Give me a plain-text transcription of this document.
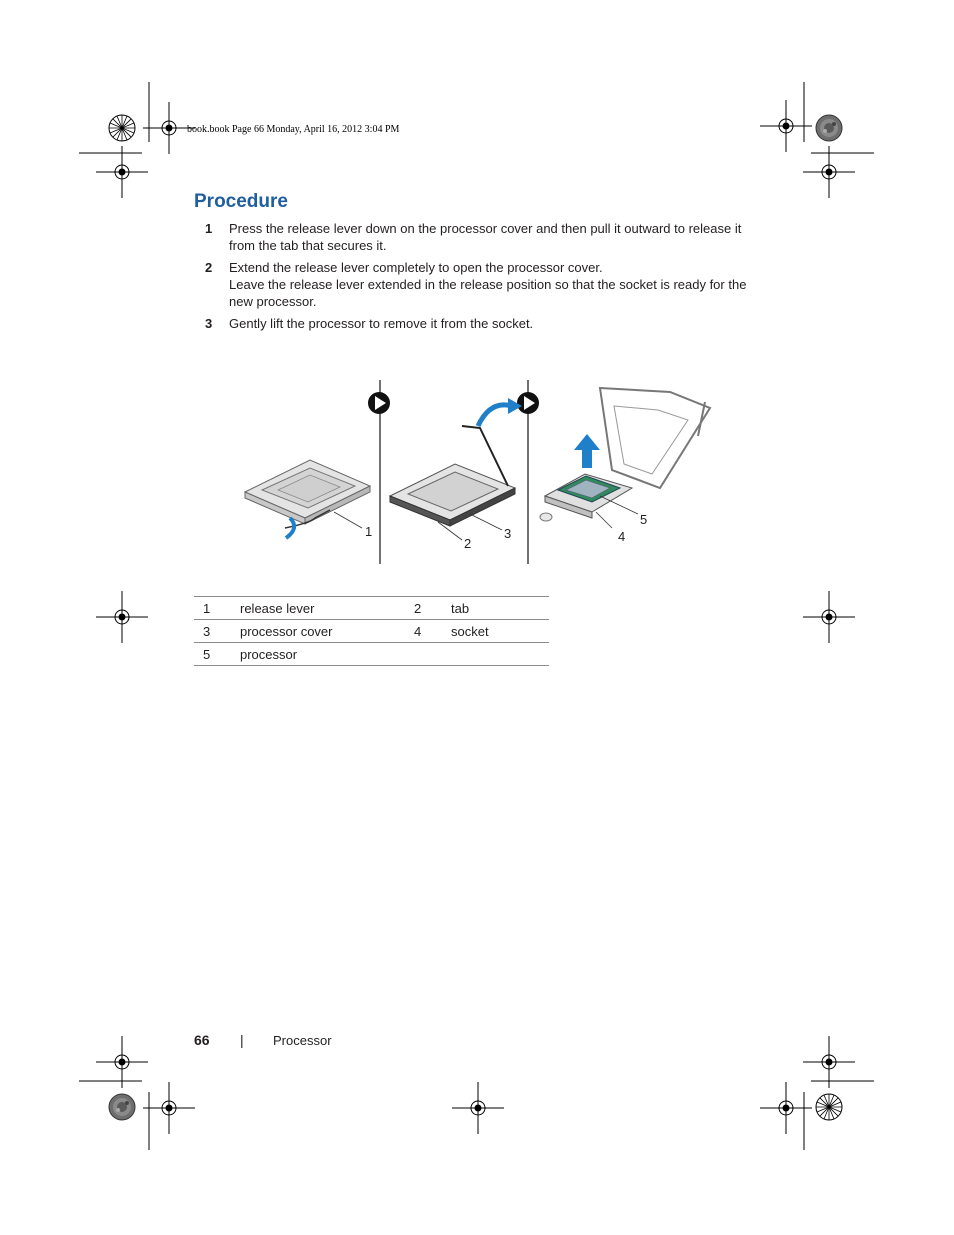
book.book Page 66 Monday, April 16, 2012 3:04 PM
Procedure
1 Press the release lever down on the processor cover and then pull it outward to release it from the tab that secures it.
2 Extend the release lever completely to open the processor cover.
Leave the release lever extended in the release position so that the socket is ready for the new processor.
3 Gently lift the processor to remove it from the socket.
1
2
3
5
4
1	release lever	2	tab
3	processor cover	4	socket
5	processor		
66 | Processor
